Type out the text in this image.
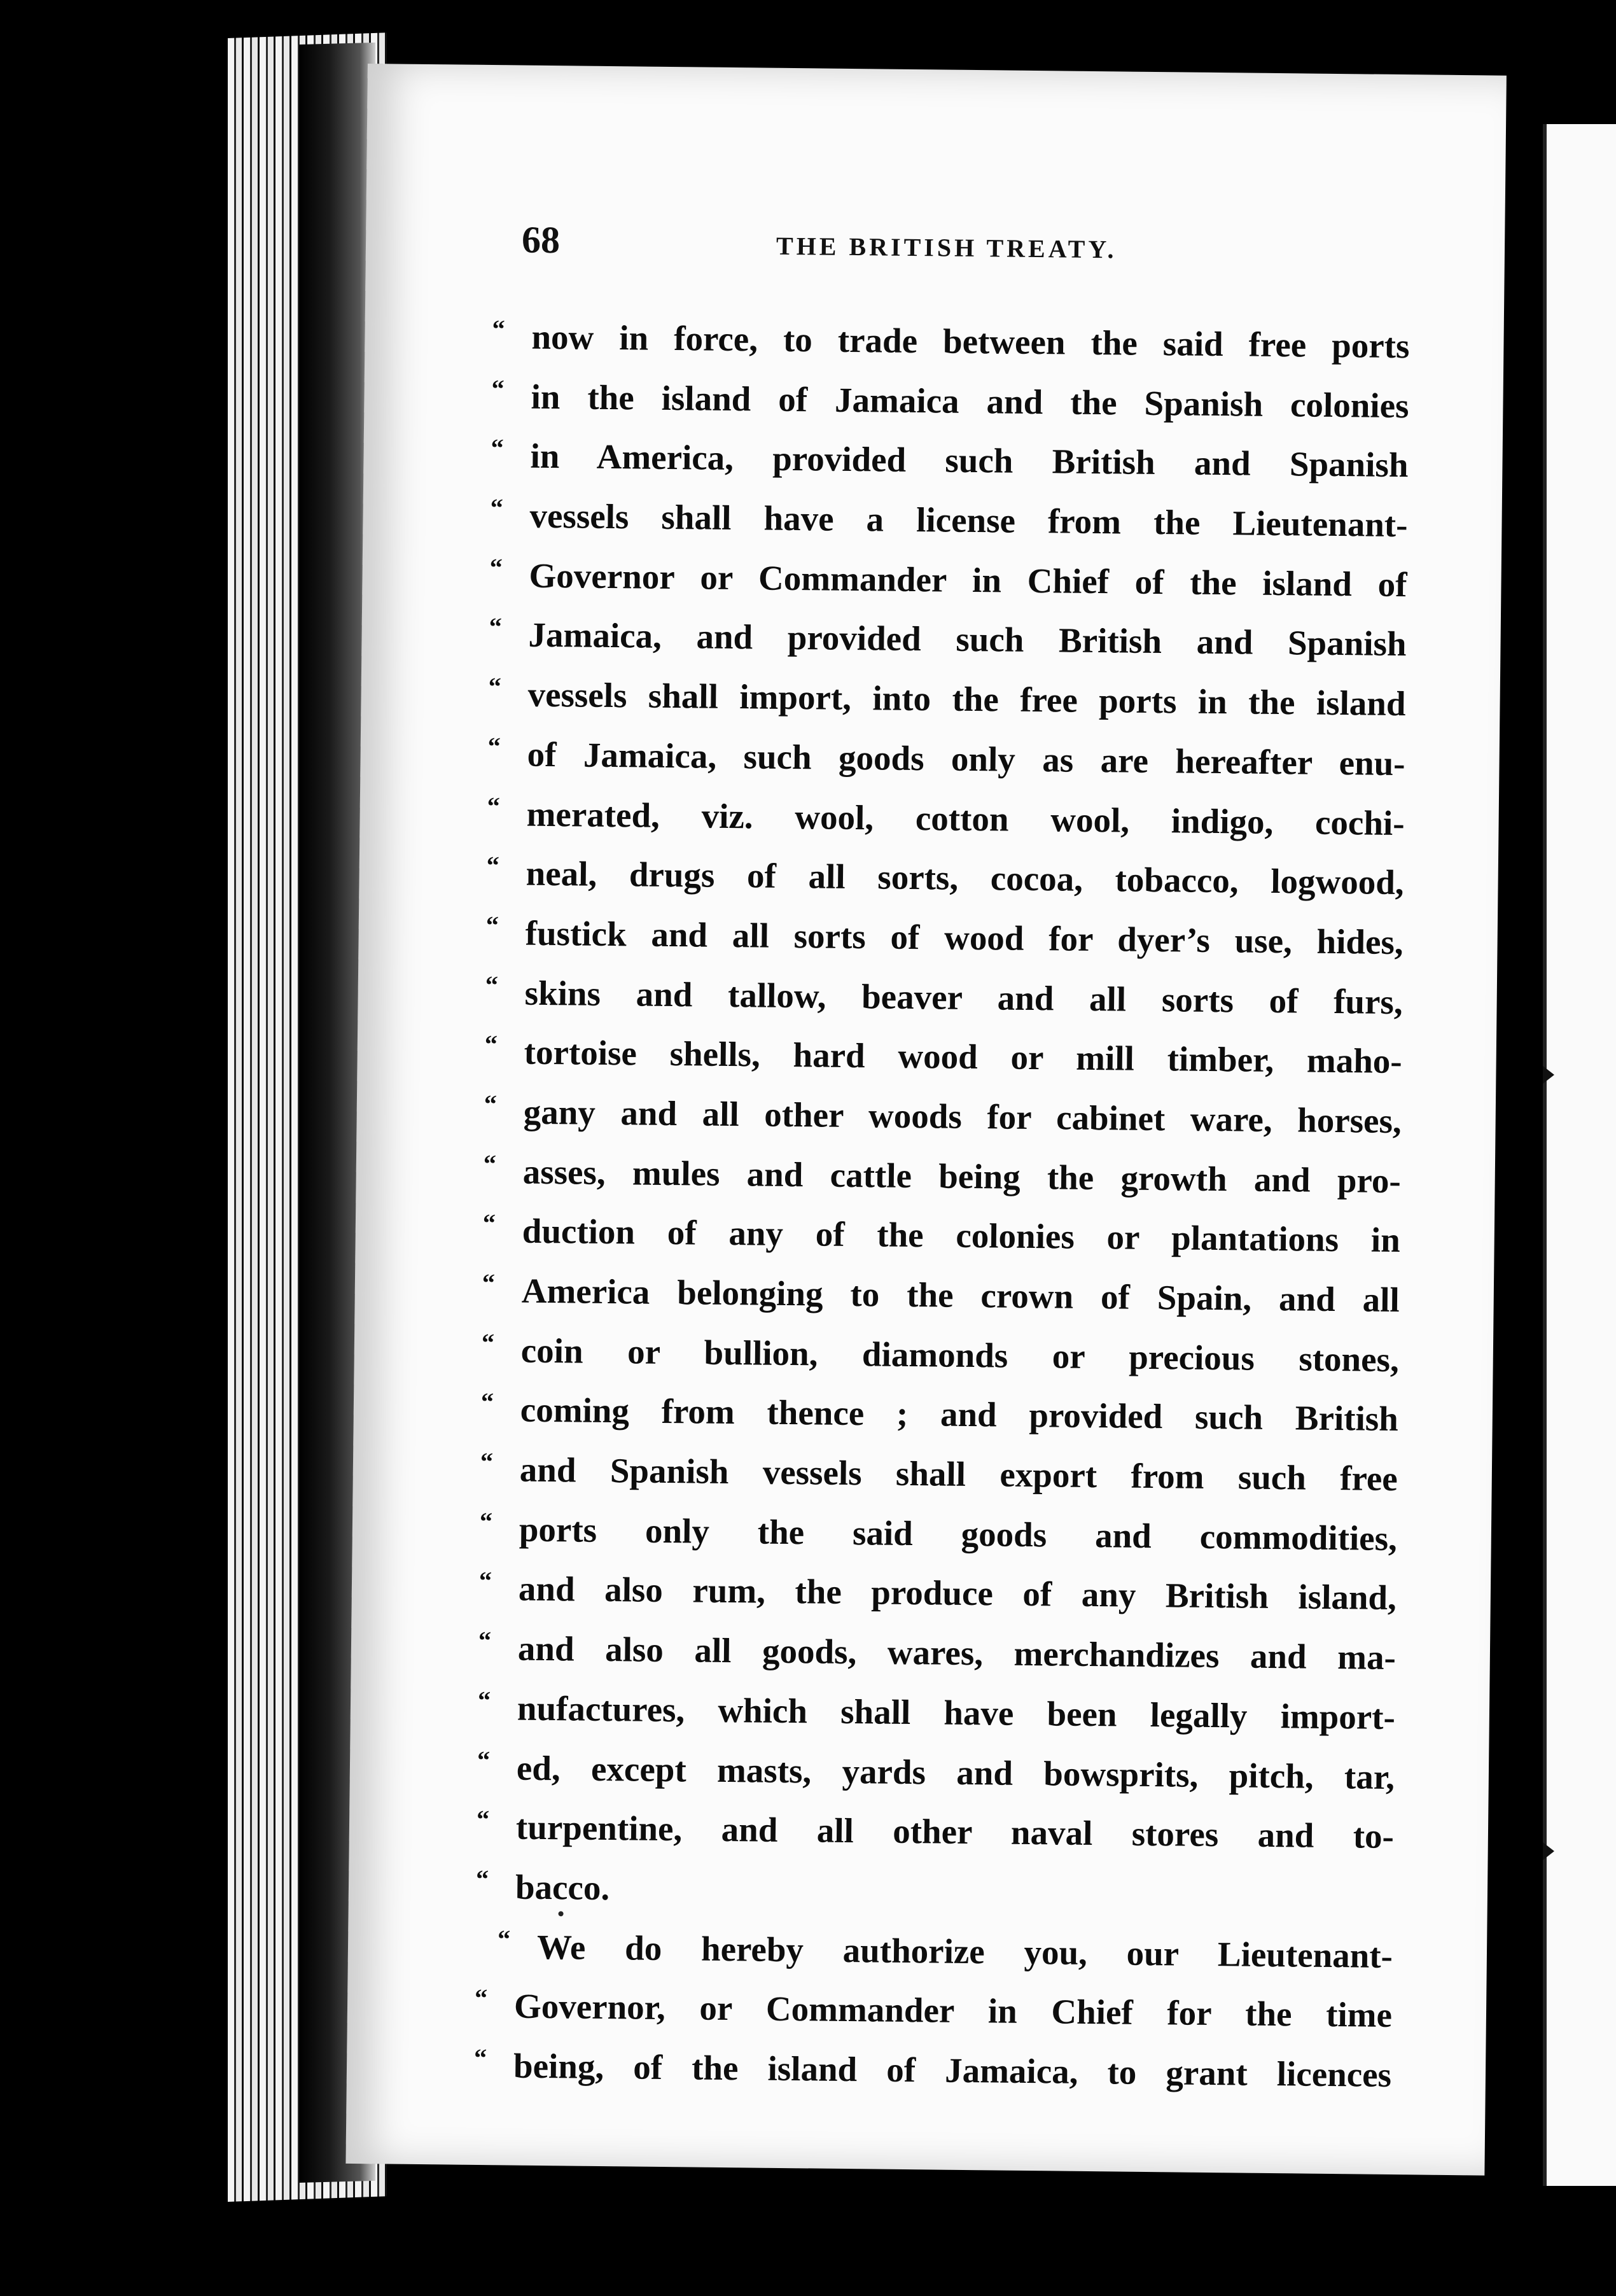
68	THE BRITISH TREATY.
“ now in force, to trade between the said free ports
“ in the island of Jamaica and the Spanish colonies
“ in America, provided such British and Spanish
“ vessels shall have a license from the Lieutenant-
“ Governor or Commander in Chief of the island of
“ Jamaica, and provided such British and Spanish
“ vessels shall import, into the free ports in the island
“ of Jamaica, such goods only as are hereafter enu-
“ merated, viz. wool, cotton wool, indigo, cochi-
“ neal, drugs of all sorts, cocoa, tobacco, logwood,
“ fustick and all sorts of wood for dyer’s use, hides,
“ skins and tallow, beaver and all sorts of furs,
“ tortoise shells, hard wood or mill timber, maho-
“ gany and all other woods for cabinet ware, horses,
“ asses, mules and cattle being the growth and pro-
“ duction of any of the colonies or plantations in
“ America belonging to the crown of Spain, and all
“ coin or bullion, diamonds or precious stones,
“ coming from thence ; and provided such British
“ and Spanish vessels shall export from such free
“ ports only the said goods and commodities,
“ and also rum, the produce of any British island,
“ and also all goods, wares, merchandizes and ma-
“ nufactures, which shall have been legally import-
“ ed, except masts, yards and bowsprits, pitch, tar,
“ turpentine, and all other naval stores and to-
“ bacco.
“ We do hereby authorize you, our Lieutenant-
“ Governor, or Commander in Chief for the time
“ being, of the island of Jamaica, to grant licences
